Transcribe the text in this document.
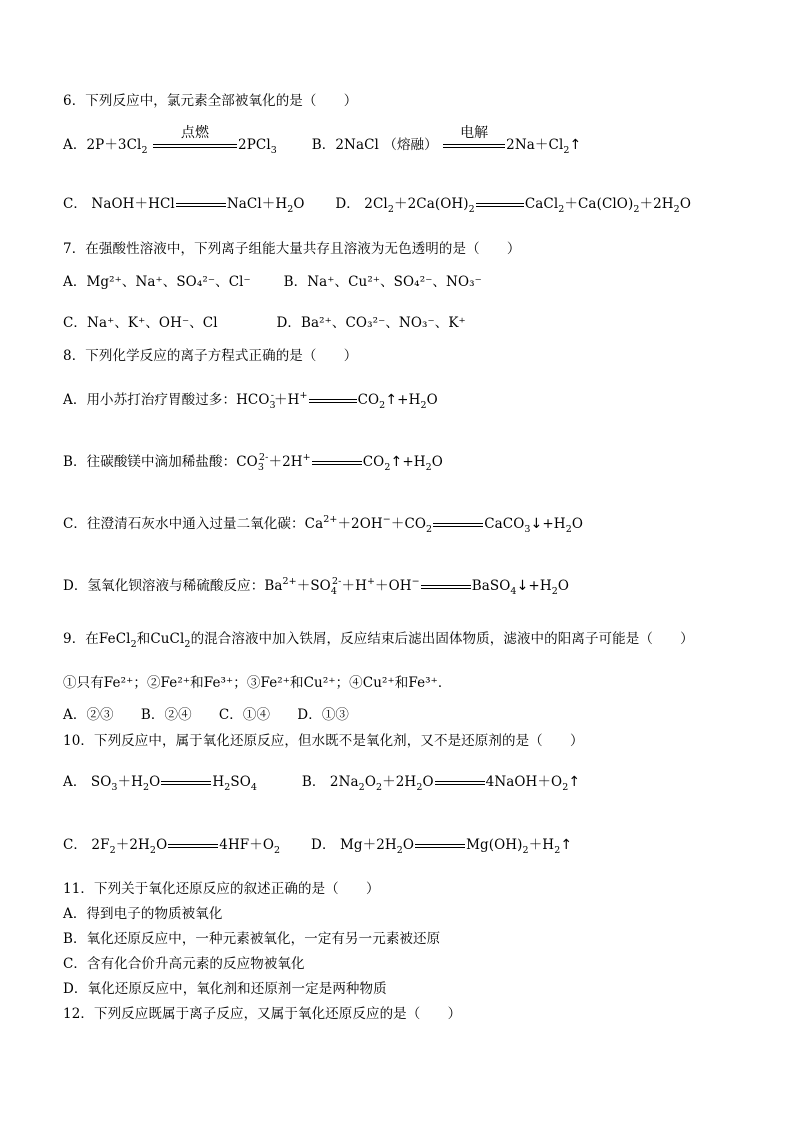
6．下列反应中，氯元素全部被氧化的是（　　）
A．$2P+3Cl_2$
点燃
2PCl$_3$	B．2NaCl （熔融）
电解
$2Na+Cl_2↑$
C． NaOH＋HCl	$NaCl+H_2O$  D． $2Cl_2+2Ca(OH)_2$	$CaCl_2+Ca(ClO)_2+2H_2O$
7．在强酸性溶液中，下列离子组能大量共存且溶液为无色透明的是（　　）
A．Mg²⁺、Na⁺、SO₄²⁻、Cl⁻ B．Na⁺、Cu²⁺、SO₄²⁻、NO₃⁻
C．Na⁺、K⁺、OH⁻、Cl	D．Ba²⁺、CO₃²⁻、NO₃⁻、K⁺
8．下列化学反应的离子方程式正确的是（　　）
A．用小苏打治疗胃酸过多：$HCO_3^-+H^+$	$CO_2↑+H_2O$
B．往碳酸镁中滴加稀盐酸：$CO_3^{2-}+2H^+$	$CO_2↑+H_2O$
C．往澄清石灰水中通入过量二氧化碳：$Ca^{2+}+2OH^-+CO_2$	$CaCO_3↓+H_2O$
D．氢氧化钡溶液与稀硫酸反应：$Ba^{2+}+SO_4^{2-}+H^++OH^-$	$BaSO_4↓+H_2O$
9．在FeCl$_2$和CuCl$_2$的混合溶液中加入铁屑，反应结束后滤出固体物质，滤液中的阳离子可能是（　　）
①只有Fe²⁺；②Fe²⁺和Fe³⁺；③Fe²⁺和Cu²⁺；④Cu²⁺和Fe³⁺．
A．②③　　B．②④　　C．①④　　D．①③
10．下列反应中，属于氧化还原反应，但水既不是氧化剂，又不是还原剂的是（　　）
A． $SO_3+H_2O$	$H_2SO_4$	B． $2Na_2O_2+2H_2O$	$4NaOH+O_2↑$
C． $2F_2+2H_2O$	$4HF+O_2$ D． $Mg+2H_2O$	$Mg(OH)_2+H_2↑$
11．下列关于氧化还原反应的叙述正确的是（　　）
A．得到电子的物质被氧化
B．氧化还原反应中，一种元素被氧化，一定有另一元素被还原
C．含有化合价升高元素的反应物被氧化
D．氧化还原反应中，氧化剂和还原剂一定是两种物质
12．下列反应既属于离子反应，又属于氧化还原反应的是（　　）
